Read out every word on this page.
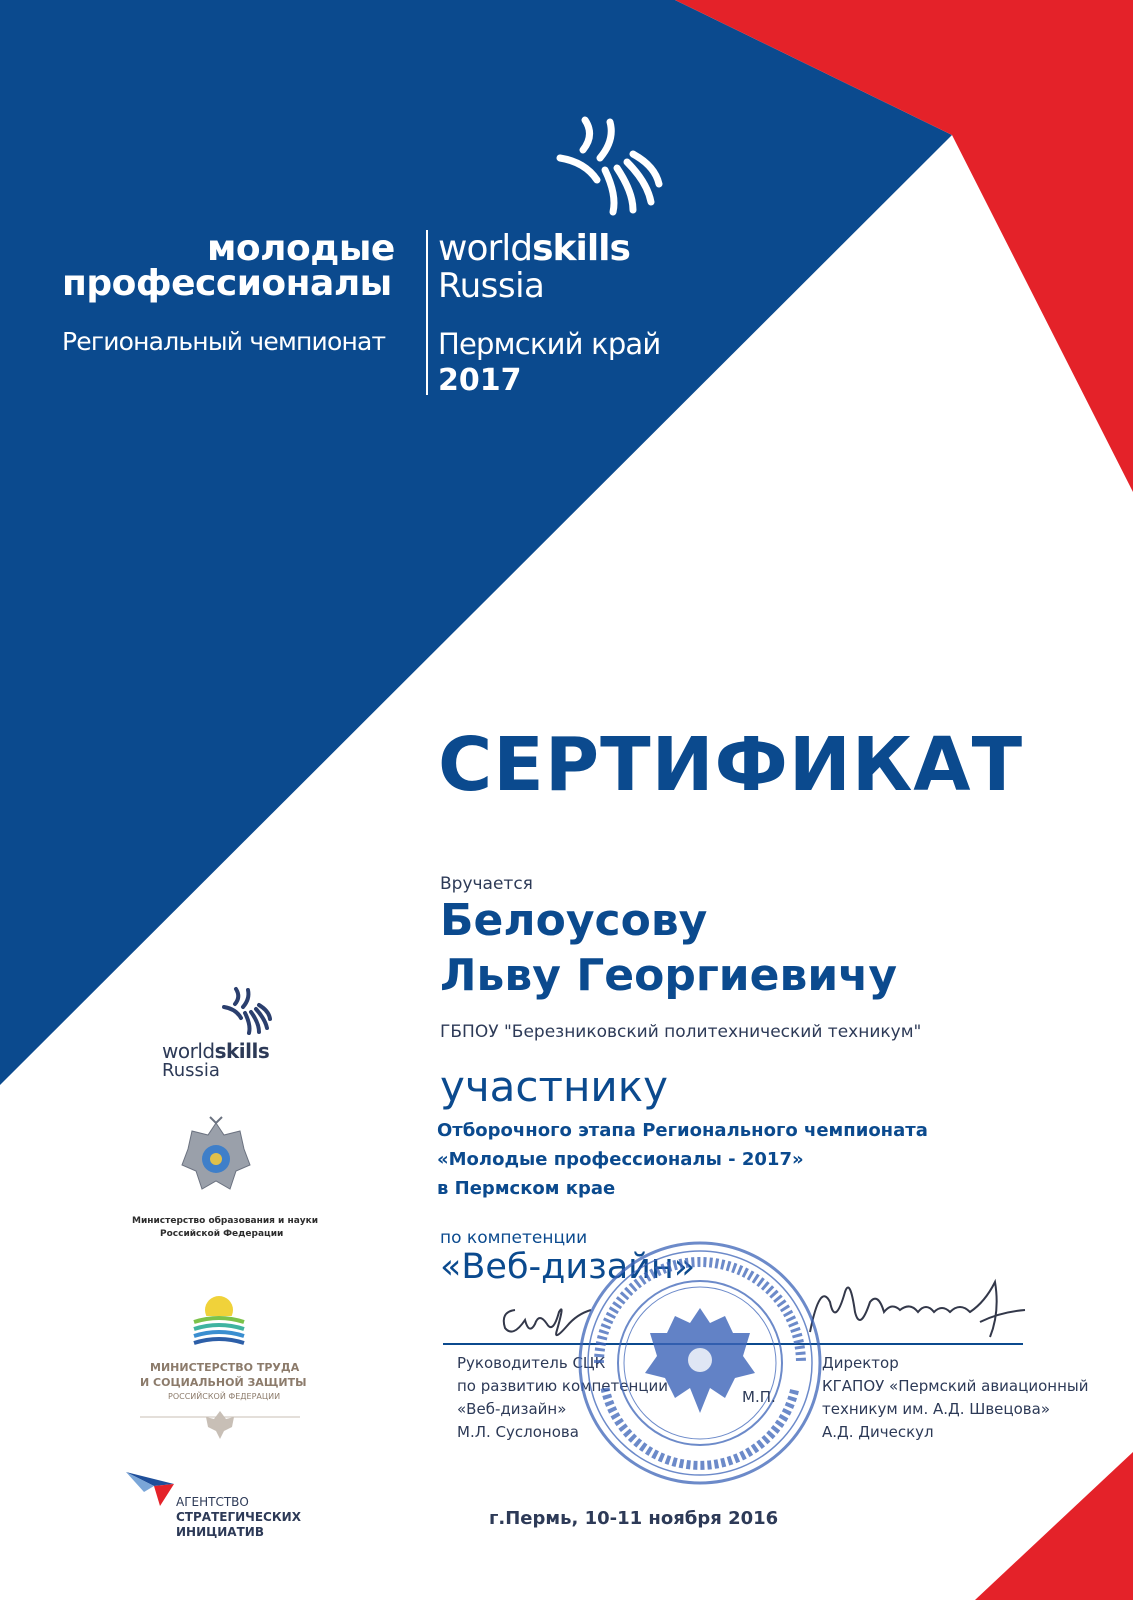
молодые
профессионалы
Региональный чемпионат
worldskills
Russia
Пермский край
2017
СЕРТИФИКАТ
Вручается
Белоусову
Льву Георгиевичу
ГБПОУ "Березниковский политехнический техникум"
участнику
Отборочного этапа Регионального чемпионата
«Молодые профессионалы - 2017»
в Пермском крае
по компетенции
«Веб-дизайн»
Руководитель СЦК
по развитию компетенции
«Веб-дизайн»
М.Л. Суслонова
Директор
КГАПОУ «Пермский авиационный
техникум им. А.Д. Швецова»
А.Д. Дическул
М.П.
г.Пермь, 10-11 ноября 2016
worldskills
Russia
Министерство образования и науки
Российской Федерации
МИНИСТЕРСТВО ТРУДА
И СОЦИАЛЬНОЙ ЗАЩИТЫ
РОССИЙСКОЙ ФЕДЕРАЦИИ
АГЕНТСТВО
СТРАТЕГИЧЕСКИХ
ИНИЦИАТИВ
